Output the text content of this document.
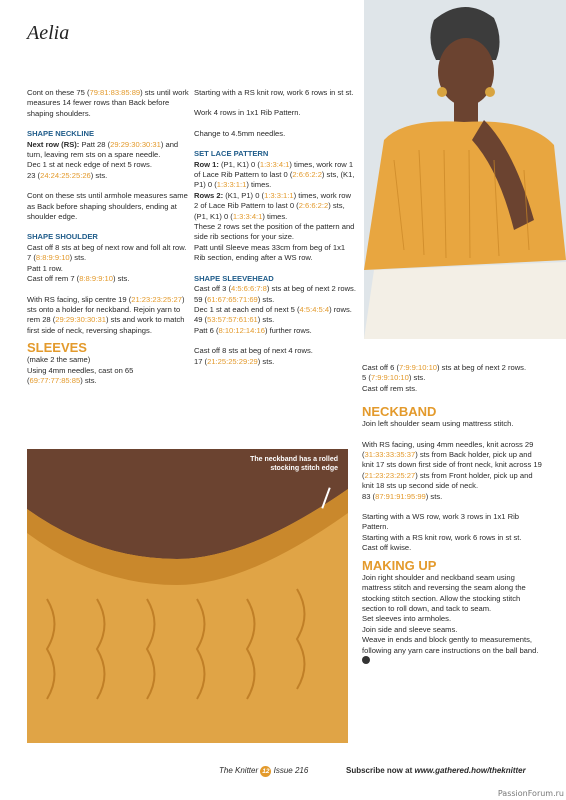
Aelia

Cont on these 75 (79:81:83:85:89) sts until work measures 14 fewer rows than Back before shaping shoulders.

SHAPE NECKLINE
Next row (RS): Patt 28 (29:29:30:30:31) and turn, leaving rem sts on a spare needle.
Dec 1 st at neck edge of next 5 rows.

23 (24:24:25:25:26) sts.

Cont on these sts until armhole measures same as Back before shaping shoulders, ending at shoulder edge.

SHAPE SHOULDER
Cast off 8 sts at beg of next row and foll alt row.
7 (8:8:9:9:10) sts.
Patt 1 row.

Cast off rem 7 (8:8:9:9:10) sts.

With RS facing, slip centre 19 (21:23:23:25:27) sts onto a holder for neckband. Rejoin yarn to rem 28 (29:29:30:30:31) sts and work to match first side of neck, reversing shapings.

SLEEVES
(make 2 the same)
Using 4mm needles, cast on 65 (69:77:77:85:85) sts.

Starting with a RS knit row, work 6 rows in st st.

Work 4 rows in 1x1 Rib Pattern.

Change to 4.5mm needles.

SET LACE PATTERN
Row 1: (P1, K1) 0 (1:3:3:4:1) times, work row 1 of Lace Rib Pattern to last 0 (2:6:6:2:2) sts, (K1, P1) 0 (1:3:3:1:1) times.
Rows 2: (K1, P1) 0 (1:3:3:1:1) times, work row 2 of Lace Rib Pattern to last 0 (2:6:6:2:2) sts, (P1, K1) 0 (1:3:3:4:1) times.
These 2 rows set the position of the pattern and side rib sections for your size.

Patt until Sleeve meas 33cm from beg of 1x1 Rib section, ending after a WS row.

SHAPE SLEEVEHEAD
Cast off 3 (4:5:6:6:7:8) sts at beg of next 2 rows.
59 (61:67:65:71:69) sts.
Dec 1 st at each end of next 5 (4:5:4:5:4) rows.
49 (53:57:57:61:61) sts.

Patt 6 (8:10:12:14:16) further rows.

Cast off 8 sts at beg of next 4 rows.
17 (21:25:25:29:29) sts.
Cast off 6 (7:9:9:10:10) sts at beg of next 2 rows.
5 (7:9:9:10:10) sts.

Cast off rem sts.

NECKBAND

Join left shoulder seam using mattress stitch.

With RS facing, using 4mm needles, knit across 29 (31:33:33:35:37) sts from Back holder, pick up and knit 17 sts down first side of front neck, knit across 19 (21:23:23:25:27) sts from Front holder, pick up and knit 18 sts up second side of neck.

83 (87:91:91:95:99) sts.

Starting with a WS row, work 3 rows in 1x1 Rib Pattern.
Starting with a RS knit row, work 6 rows in st st.
Cast off kwise.
MAKING UP
Join right shoulder and neckband seam using mattress stitch and reversing the seam along the stocking stitch section. Allow the stocking stitch section to roll down, and tack to seam.
Set sleeves into armholes.
Join side and sleeve seams.
Weave in ends and block gently to measurements, following any yarn care instructions on the ball band.
The neckband has a rolled stocking stitch edge
The Knitter 12 Issue 216	Subscribe now at www.gathered.how/theknitter
PassionForum.ru
